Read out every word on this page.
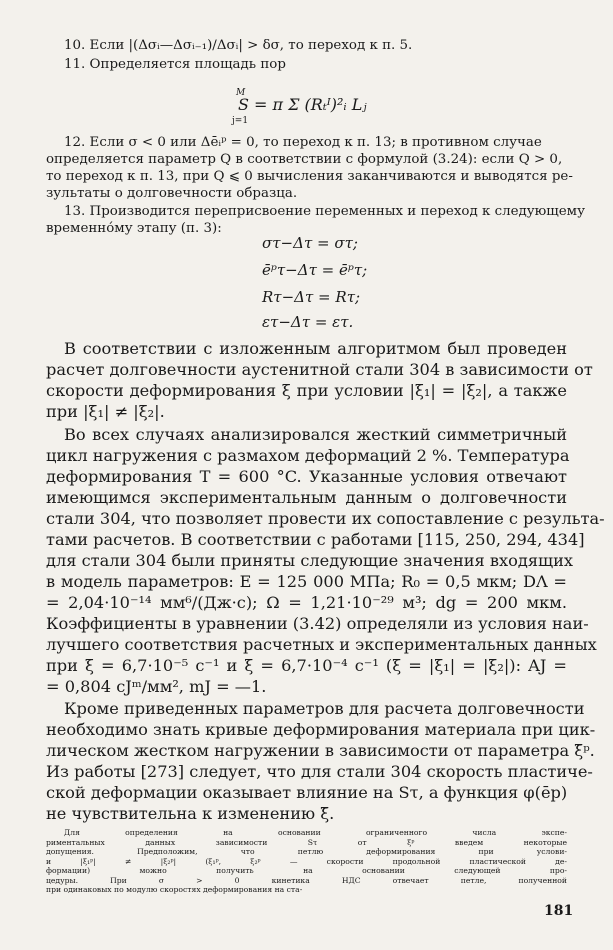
10. Если |(Δσᵢ—Δσᵢ₋₁)/Δσᵢ| > δσ, то переход к п. 5.
11. Определяется площадь пор
M
S = π Σ (Rₜᴵ)²ᵢ Lⱼ
j=1
12. Если σ < 0 или Δēᵢᵖ = 0, то переход к п. 13; в противном случае
определяется параметр Q в соответствии с формулой (3.24): если Q > 0,
то переход к п. 13, при Q ⩽ 0 вычисления заканчиваются и выводятся ре-
зультаты о долговечности образца.
13. Производится переприсвоение переменных и переход к следующему
временно́му этапу (п. 3):
στ−Δτ = στ;
ēᵖτ−Δτ = ēᵖτ;
Rτ−Δτ = Rτ;
ετ−Δτ = ετ.
В соответствии с изложенным алгоритмом был проведен
расчет долговечности аустенитной стали 304 в зависимости от
скорости деформирования ξ при условии |ξ₁| = |ξ₂|, а также
при |ξ₁| ≠ |ξ₂|.
Во всех случаях анализировался жесткий симметричный
цикл нагружения с размахом деформаций 2 %. Температура
деформирования T = 600 °C. Указанные условия отвечают
имеющимся экспериментальным данным о долговечности
стали 304, что позволяет провести их сопоставление с результа-
тами расчетов. В соответствии с работами [115, 250, 294, 434]
для стали 304 были приняты следующие значения входящих
в модель параметров: E = 125 000 МПа; R₀ = 0,5 мкм; DΛ =
= 2,04·10⁻¹⁴ мм⁶/(Дж·с); Ω = 1,21·10⁻²⁹ м³; dg = 200 мкм.
Коэффициенты в уравнении (3.42) определяли из условия наи-
лучшего соответствия расчетных и экспериментальных данных
при ξ = 6,7·10⁻⁵ с⁻¹ и ξ = 6,7·10⁻⁴ с⁻¹ (ξ = |ξ₁| = |ξ₂|): AJ =
= 0,804 cJᵐ/мм², mJ = —1.
Кроме приведенных параметров для расчета долговечности
необходимо знать кривые деформирования материала при цик-
лическом жестком нагружении в зависимости от параметра ξ̄ᵖ.
Из работы [273] следует, что для стали 304 скорость пластиче-
ской деформации оказывает влияние на Sτ, а функция φ(ēp)
не чувствительна к изменению ξ̄.
Для определения на основании ограниченного числа экспе-
риментальных данных зависимости Sτ от ξ̄ᵖ введем некоторые
допущения. Предположим, что петлю деформирования при услови-
и |ξ₁ᵖ| ≠ |ξ₂ᵖ| (ξ₁ᵖ, ξ₂ᵖ — скорости продольной пластической де-
формации) можно получить на основании следующей про-
цедуры. При σ > 0 кинетика НДС отвечает петле, полученной
при одинаковых по модулю скоростях деформирования на ста-
181
